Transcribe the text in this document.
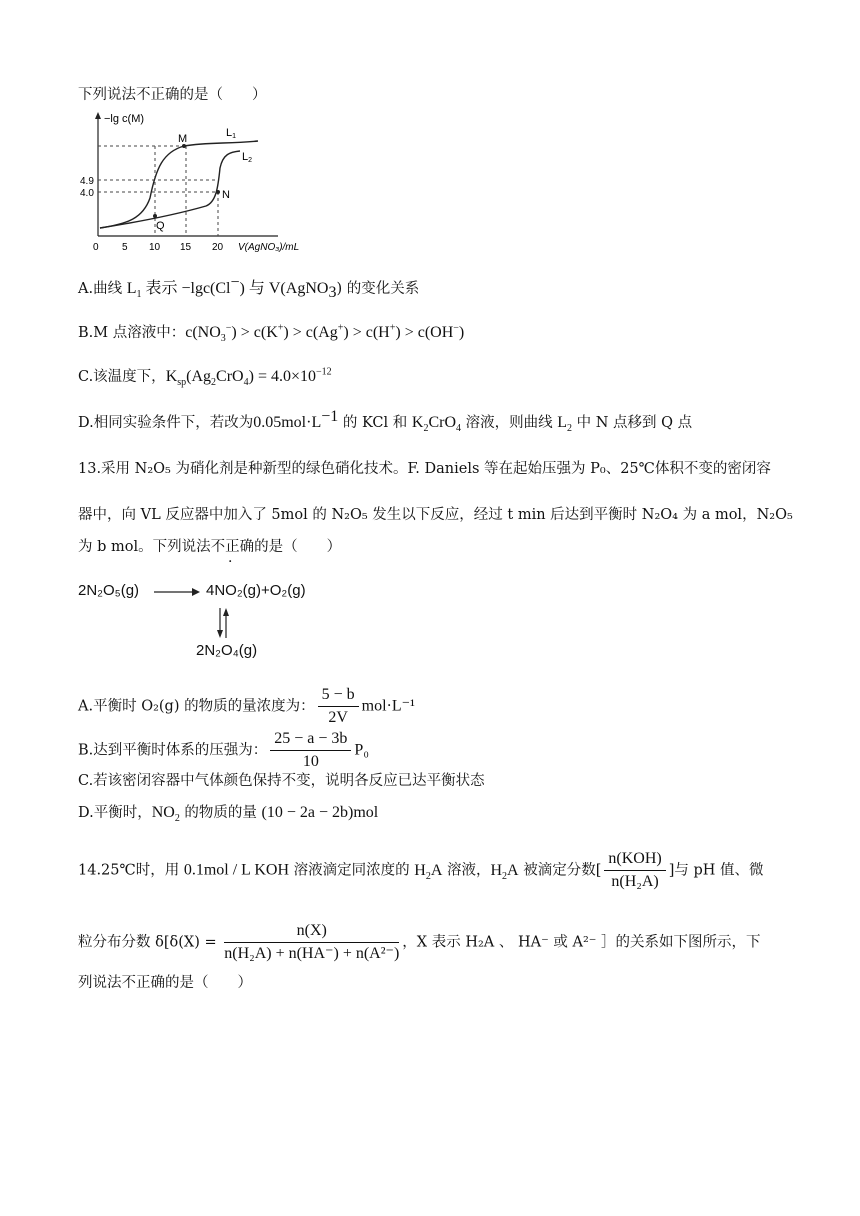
下列说法不正确的是（　　）
−lg c(M)
M
N
Q
L1
L2
4.9
4.0
0 5 10 15 20 V(AgNO₃)/mL
A.曲线 $L_1$ 表示 −lgc(Cl−) 与 V(AgNO$_3$) 的变化关系
B.M 点溶液中：$c(NO_3^-) > c(K^+) > c(Ag^+) > c(H^+) > c(OH^-)$
C.该温度下，$K_{sp}(Ag_2CrO_4) = 4.0\times 10^{-12}$
D.相同实验条件下，若改为$0.05mol\cdot L^{-1}$ 的 KCl 和 $K_2CrO_4$ 溶液，则曲线 $L_2$ 中 N 点移到 Q 点
13.采用 N₂O₅ 为硝化剂是种新型的绿色硝化技术。F. Daniels 等在起始压强为 P₀、25℃体积不变的密闭容
器中，向 VL 反应器中加入了 5mol 的 N₂O₅ 发生以下反应，经过 t min 后达到平衡时 N₂O₄ 为 a mol，N₂O₅
为 b mol。下列说法不正确的是（　　）
2N₂O₅(g)	4NO₂(g)+O₂(g)
2N₂O₄(g)
A.平衡时 O₂(g) 的物质的量浓度为： $\frac{5 - b}{2V} mol\cdot L^{-1}$
B.达到平衡时体系的压强为： $\frac{25 - a - 3b}{10} P_0$
C.若该密闭容器中气体颜色保持不变，说明各反应已达平衡状态
D.平衡时，$NO_2$ 的物质的量 (10 − 2a − 2b)mol
14.25℃时，用 0.1mol / L KOH 溶液滴定同浓度的 $H_2A$ 溶液，$H_2A$ 被滴定分数[ $\frac{\text{n(KOH)}}{\text{n(H₂A)}}$ ]与 pH 值、微
粒分布分数 $\delta[\delta(X) = \frac{n(X)}{\text{n(H₂A) + n(HA⁻) + n(A²⁻)}}$ ，X 表示 H₂A 、 HA⁻ 或 A²⁻ ］的关系如下图所示，下
列说法不正确的是（　　）
